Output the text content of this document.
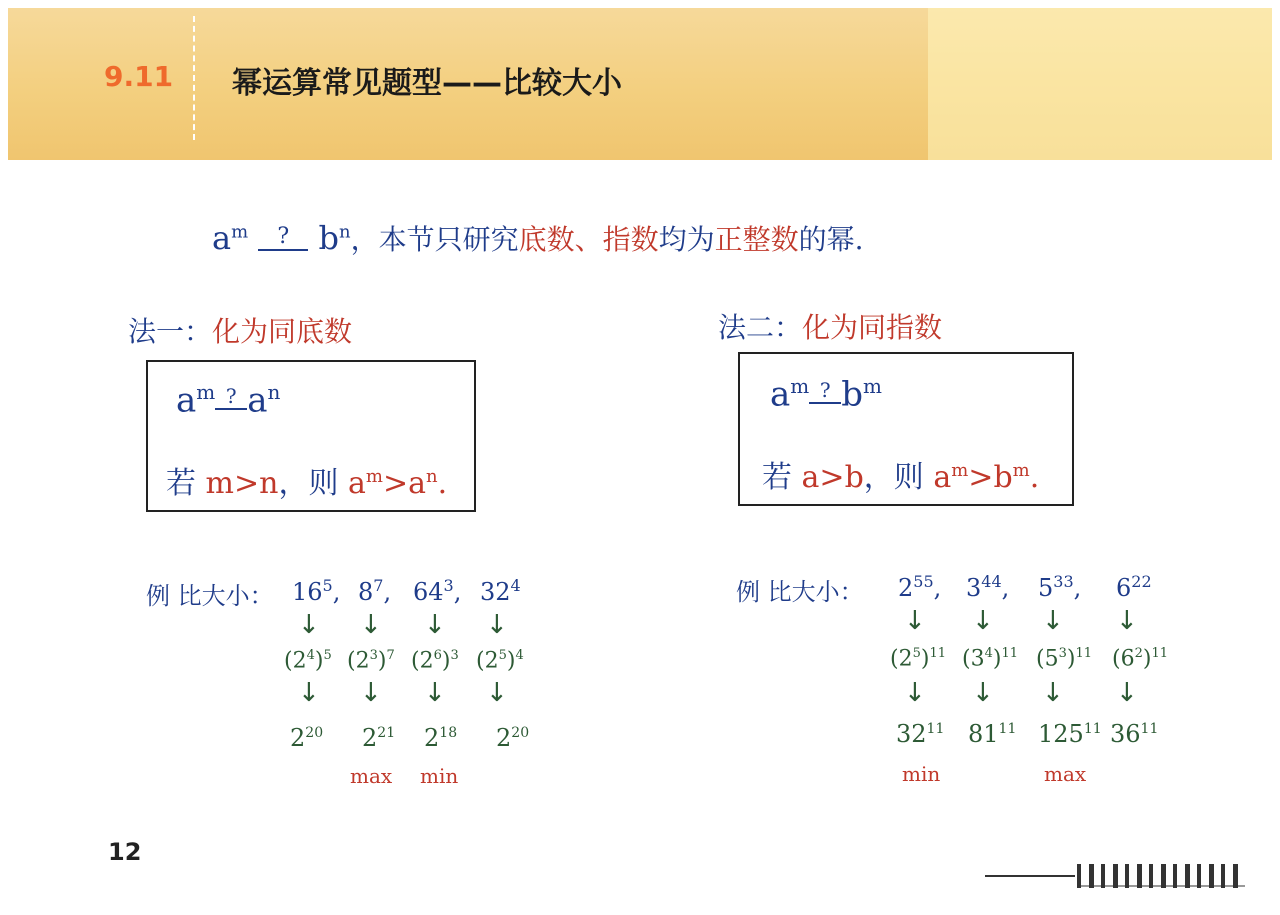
9.11 幂运算常见题型——比较大小
$a^m$ ? $b^n$，本节只研究底数、指数均为正整数的幂.
法一：化为同底数
$a^m$ ? $a^n$
若 m>n，则 $a^m>a^n$.
例 比大小： $16^5$, $8^7$, $64^3$, $32^4$
↓ ↓ ↓ ↓
$(2^4)^5$ $(2^3)^7$ $(2^6)^3$ $(2^5)^4$
↓ ↓ ↓ ↓
$2^{20}$ $2^{21}$ $2^{18}$ $2^{20}$
max min
法二：化为同指数
$a^m$ ? $b^m$
若 a>b，则 $a^m>b^m$.
例 比大小： $2^{55}$, $3^{44}$, $5^{33}$, $6^{22}$
↓ ↓ ↓ ↓
$(2^5)^{11}$ $(3^4)^{11}$ $(5^3)^{11}$ $(6^2)^{11}$
↓ ↓ ↓ ↓
$32^{11}$ $81^{11}$ $125^{11}$ $36^{11}$
min	max
12
